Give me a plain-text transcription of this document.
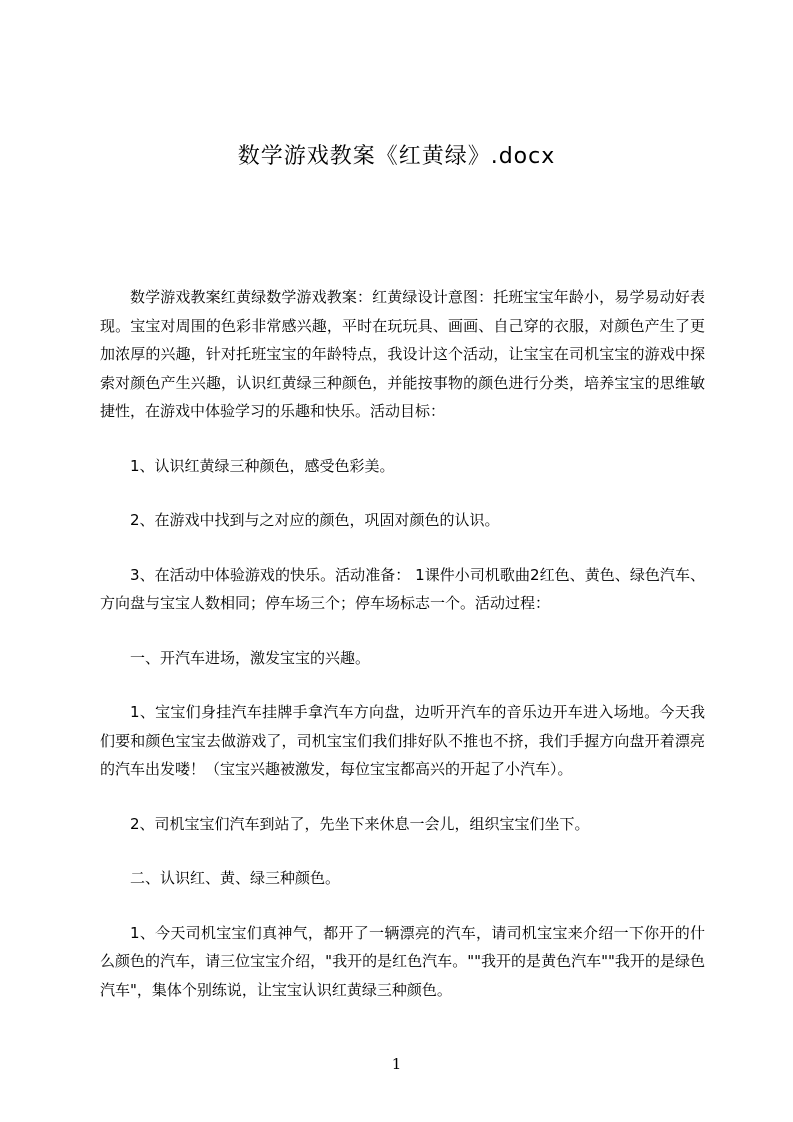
数学游戏教案《红黄绿》.docx

数学游戏教案红黄绿数学游戏教案：红黄绿设计意图：托班宝宝年龄小，易学易动好表现。宝宝对周围的色彩非常感兴趣，平时在玩玩具、画画、自己穿的衣服，对颜色产生了更加浓厚的兴趣，针对托班宝宝的年龄特点，我设计这个活动，让宝宝在司机宝宝的游戏中探索对颜色产生兴趣，认识红黄绿三种颜色，并能按事物的颜色进行分类，培养宝宝的思维敏捷性，在游戏中体验学习的乐趣和快乐。活动目标：

1、认识红黄绿三种颜色，感受色彩美。

2、在游戏中找到与之对应的颜色，巩固对颜色的认识。

3、在活动中体验游戏的快乐。活动准备： 1课件小司机歌曲2红色、黄色、绿色汽车、方向盘与宝宝人数相同；停车场三个；停车场标志一个。活动过程：

一、开汽车进场，激发宝宝的兴趣。

1、宝宝们身挂汽车挂牌手拿汽车方向盘，边听开汽车的音乐边开车进入场地。今天我们要和颜色宝宝去做游戏了，司机宝宝们我们排好队不推也不挤，我们手握方向盘开着漂亮的汽车出发喽！（宝宝兴趣被激发，每位宝宝都高兴的开起了小汽车）。

2、司机宝宝们汽车到站了，先坐下来休息一会儿，组织宝宝们坐下。

二、认识红、黄、绿三种颜色。

1、今天司机宝宝们真神气，都开了一辆漂亮的汽车，请司机宝宝来介绍一下你开的什么颜色的汽车，请三位宝宝介绍，"我开的是红色汽车。""我开的是黄色汽车""我开的是绿色汽车"，集体个别练说，让宝宝认识红黄绿三种颜色。

1
